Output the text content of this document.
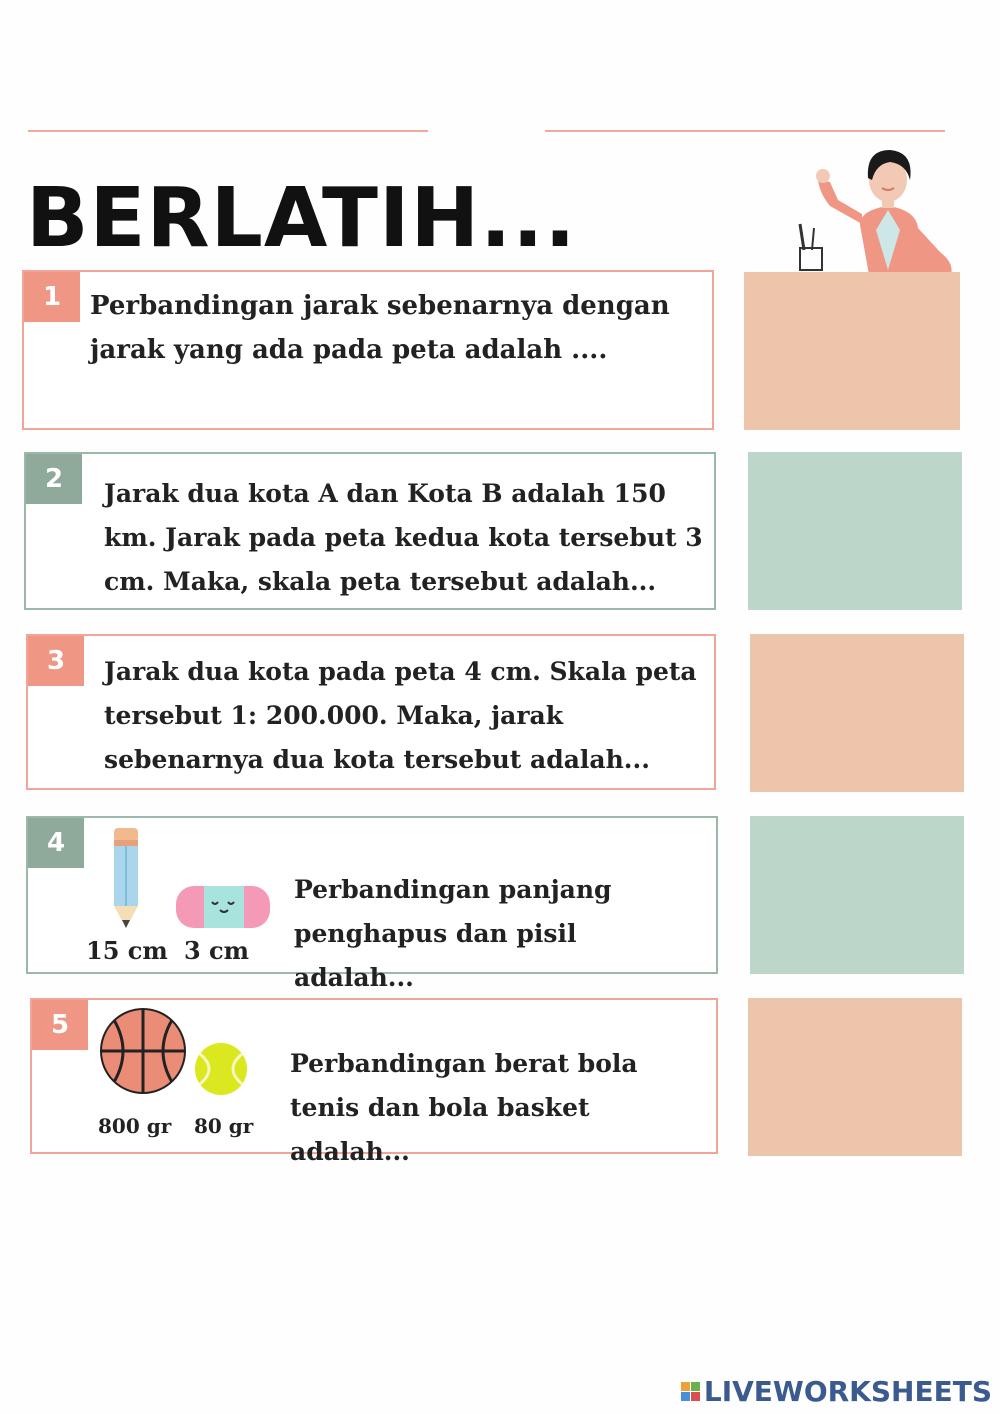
BERLATIH...
1	Perbandingan jarak sebenarnya dengan jarak yang ada pada peta adalah ....
2	Jarak dua kota A dan Kota B adalah 150 km. Jarak pada peta kedua kota tersebut 3 cm. Maka, skala peta tersebut adalah...
3	Jarak dua kota pada peta 4 cm. Skala peta tersebut 1: 200.000. Maka, jarak sebenarnya dua kota tersebut adalah...
4
15 cm 3 cm
Perbandingan panjang penghapus dan pisil adalah...
5
800 gr 80 gr
Perbandingan berat bola tenis dan bola basket adalah...
LIVEWORKSHEETS
